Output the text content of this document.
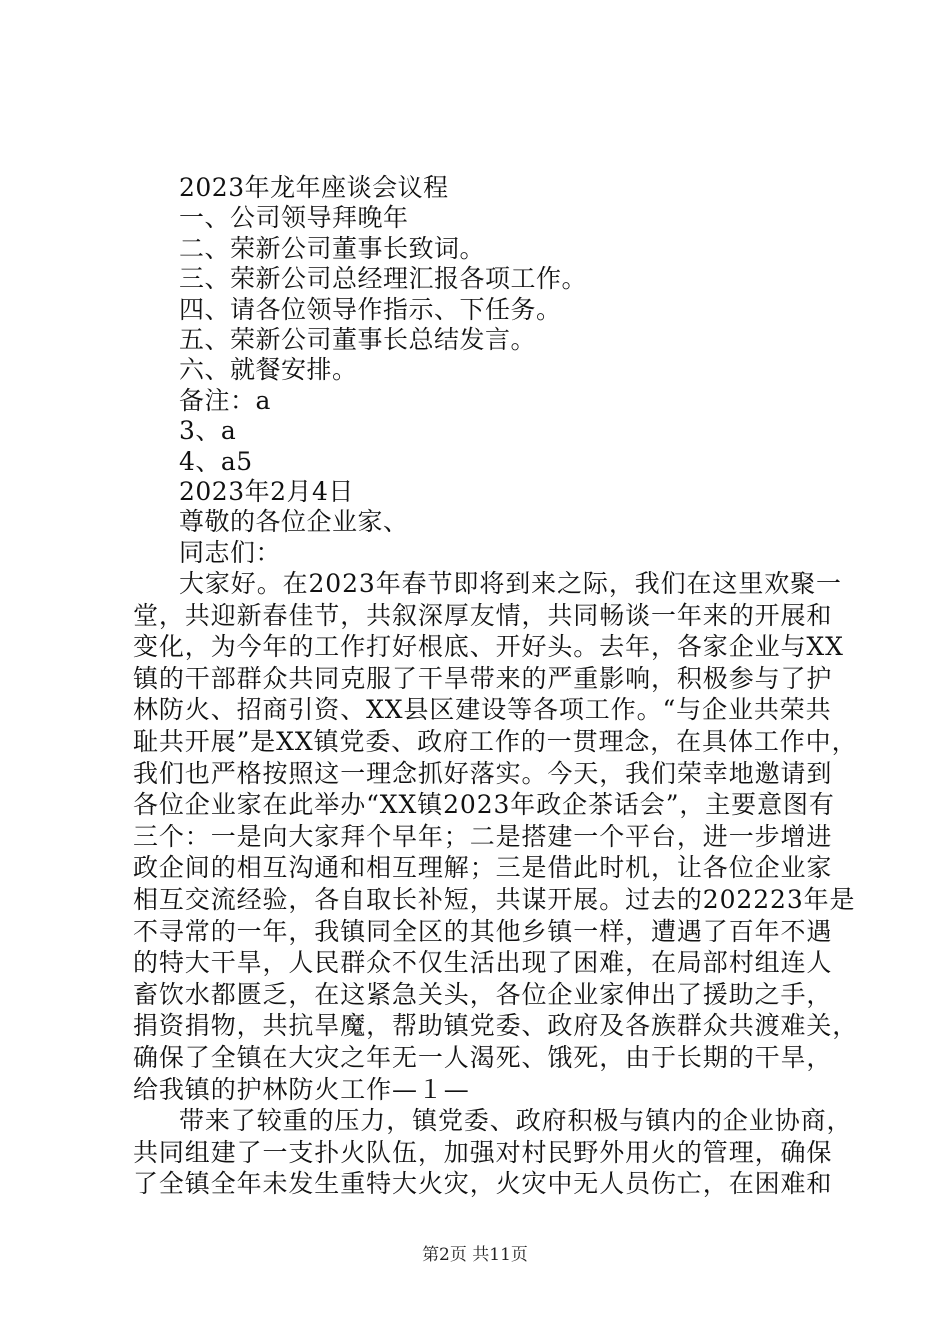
2023年龙年座谈会议程
一、公司领导拜晚年
二、荣新公司董事长致词。
三、荣新公司总经理汇报各项工作。
四、请各位领导作指示、下任务。
五、荣新公司董事长总结发言。
六、就餐安排。
备注：a
3、a
4、a5
2023年2月4日
尊敬的各位企业家、
同志们：
大家好。在2023年春节即将到来之际，我们在这里欢聚一
堂，共迎新春佳节，共叙深厚友情，共同畅谈一年来的开展和
变化，为今年的工作打好根底、开好头。去年，各家企业与XX
镇的干部群众共同克服了干旱带来的严重影响，积极参与了护
林防火、招商引资、XX县区建设等各项工作。“与企业共荣共
耻共开展”是XX镇党委、政府工作的一贯理念，在具体工作中，
我们也严格按照这一理念抓好落实。今天，我们荣幸地邀请到
各位企业家在此举办“XX镇2023年政企茶话会”，主要意图有
三个：一是向大家拜个早年；二是搭建一个平台，进一步增进
政企间的相互沟通和相互理解；三是借此时机，让各位企业家
相互交流经验，各自取长补短，共谋开展。过去的202223年是
不寻常的一年，我镇同全区的其他乡镇一样，遭遇了百年不遇
的特大干旱，人民群众不仅生活出现了困难，在局部村组连人
畜饮水都匮乏，在这紧急关头，各位企业家伸出了援助之手，
捐资捐物，共抗旱魔，帮助镇党委、政府及各族群众共渡难关，
确保了全镇在大灾之年无一人渴死、饿死，由于长期的干旱，
给我镇的护林防火工作—１—
带来了较重的压力，镇党委、政府积极与镇内的企业协商，
共同组建了一支扑火队伍，加强对村民野外用火的管理，确保
了全镇全年未发生重特大火灾，火灾中无人员伤亡，在困难和
第2页 共11页
